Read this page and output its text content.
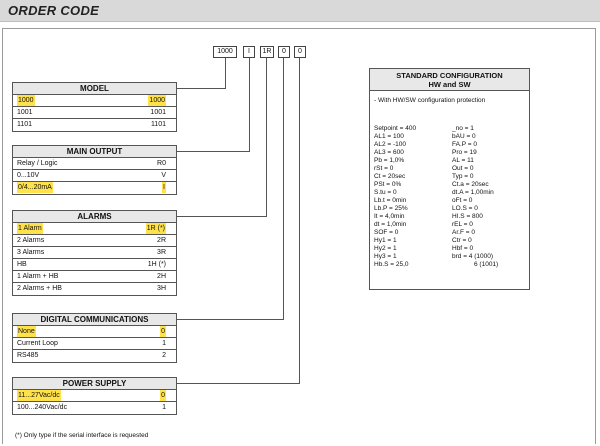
ORDER CODE
1000	I	1R	0	0
MODEL
1000	1000
1001	1001
1101	1101
MAIN OUTPUT
Relay / Logic	R0
0...10V	V
0/4...20mA	I
ALARMS
1 Alarm	1R (*)
2 Alarms	2R
3 Alarms	3R
HB	1H (*)
1 Alarm + HB	2H
2 Alarms + HB	3H
DIGITAL COMMUNICATIONS
None	0
Current Loop	1
RS485	2
POWER SUPPLY
11...27Vac/dc	0
100...240Vac/dc	1
STANDARD CONFIGURATION
HW and SW
- With HW/SW configuration protection
Setpoint = 400
AL1 = 100
AL2 = -100
AL3 = 600
Pb = 1,0%
rSt = 0
Ct = 20sec
PSt = 0%
S.tu = 0
Lb.t = 0min
Lb.P = 25%
It = 4,0min
dt = 1,0min
SOF = 0
Hy1 = 1
Hy2 = 1
Hy3 = 1
Hb.S = 25,0
_no = 1
bAU = 0
FA.P = 0
Pro = 19
AL = 11
Out = 0
Typ = 0
Ct.a = 20sec
dt.A = 1,00min
oFt = 0
LO.S = 0
HI.S = 800
rEL = 0
Ar.F = 0
Ctr = 0
Hbf = 0
brd = 4 (1000)
6 (1001)
(*) Only type if the serial interface is requested
